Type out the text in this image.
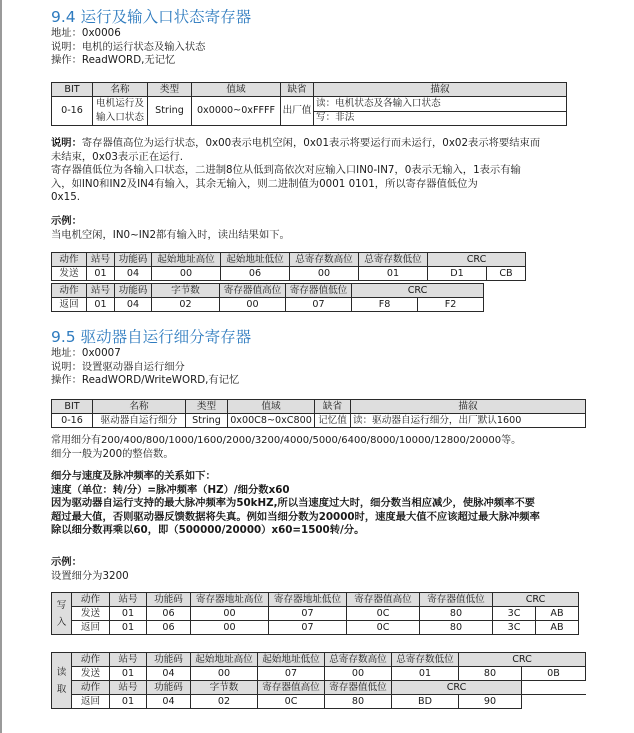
9.4 运行及输入口状态寄存器
地址：0x0006
说明：电机的运行状态及输入状态
操作：ReadWORD,无记忆
BIT	名称	类型	值域	缺省	描叙
0-16	电机运行及	String	0x0000~0xFFFF	出厂值	读：电机状态及各输入口状态
	输入口状态				写：非法
说明：寄存器值高位为运行状态，0x00表示电机空闲，0x01表示将要运行而未运行，0x02表示将要结束而
未结束，0x03表示正在运行.
寄存器值低位为各输入口状态，二进制8位从低到高依次对应输入口IN0-IN7，0表示无输入，1表示有输
入，如IN0和IN2及IN4有输入，其余无输入，则二进制值为0001 0101，所以寄存器值低位为
0x15.
示例：
当电机空闲，IN0~IN2都有输入时，读出结果如下。
动作	站号	功能码	起始地址高位	起始地址低位	总寄存数高位	总寄存数低位	CRC	
发送	01	04	00	06	00	01	D1	CB
动作	站号	功能码	字节数	寄存器值高位	寄存器值低位	CRC	
返回	01	04	02	00	07	F8	F2
9.5 驱动器自运行细分寄存器
地址：0x0007
说明：设置驱动器自运行细分
操作：ReadWORD/WriteWORD,有记忆
BIT	名称	类型	值域	缺省	描叙
0-16	驱动器自运行细分	String	0x00C8~0xC800	记忆值	读：驱动器自运行细分，出厂默认1600
常用细分有200/400/800/1000/1600/2000/3200/4000/5000/6400/8000/10000/12800/20000等。
细分一般为200的整倍数。
细分与速度及脉冲频率的关系如下：
速度（单位：转/分）=脉冲频率（HZ）/细分数x60
因为驱动器自运行支持的最大脉冲频率为50kHZ,所以当速度过大时，细分数当相应减少，使脉冲频率不要
超过最大值，否则驱动器反馈数据将失真。例如当细分数为20000时，速度最大值不应该超过最大脉冲频率
除以细分数再乘以60，即（500000/20000）x60=1500转/分。
示例：
设置细分为3200
写
入	动作	站号	功能码	寄存器地址高位	寄存器地址低位	寄存器值高位	寄存器值低位	CRC	
	发送	01	06	00	07	0C	80	3C	AB
	返回	01	06	00	07	0C	80	3C	AB
读
取	动作	站号	功能码	起始地址高位	起始地址低位	总寄存数高位	总寄存数低位	CRC	
	发送	01	04	00	07	00	01	80	0B
	动作	站号	功能码	字节数	寄存器值高位	寄存器值低位	CRC		
	返回	01	04	02	0C	80	BD	90	
